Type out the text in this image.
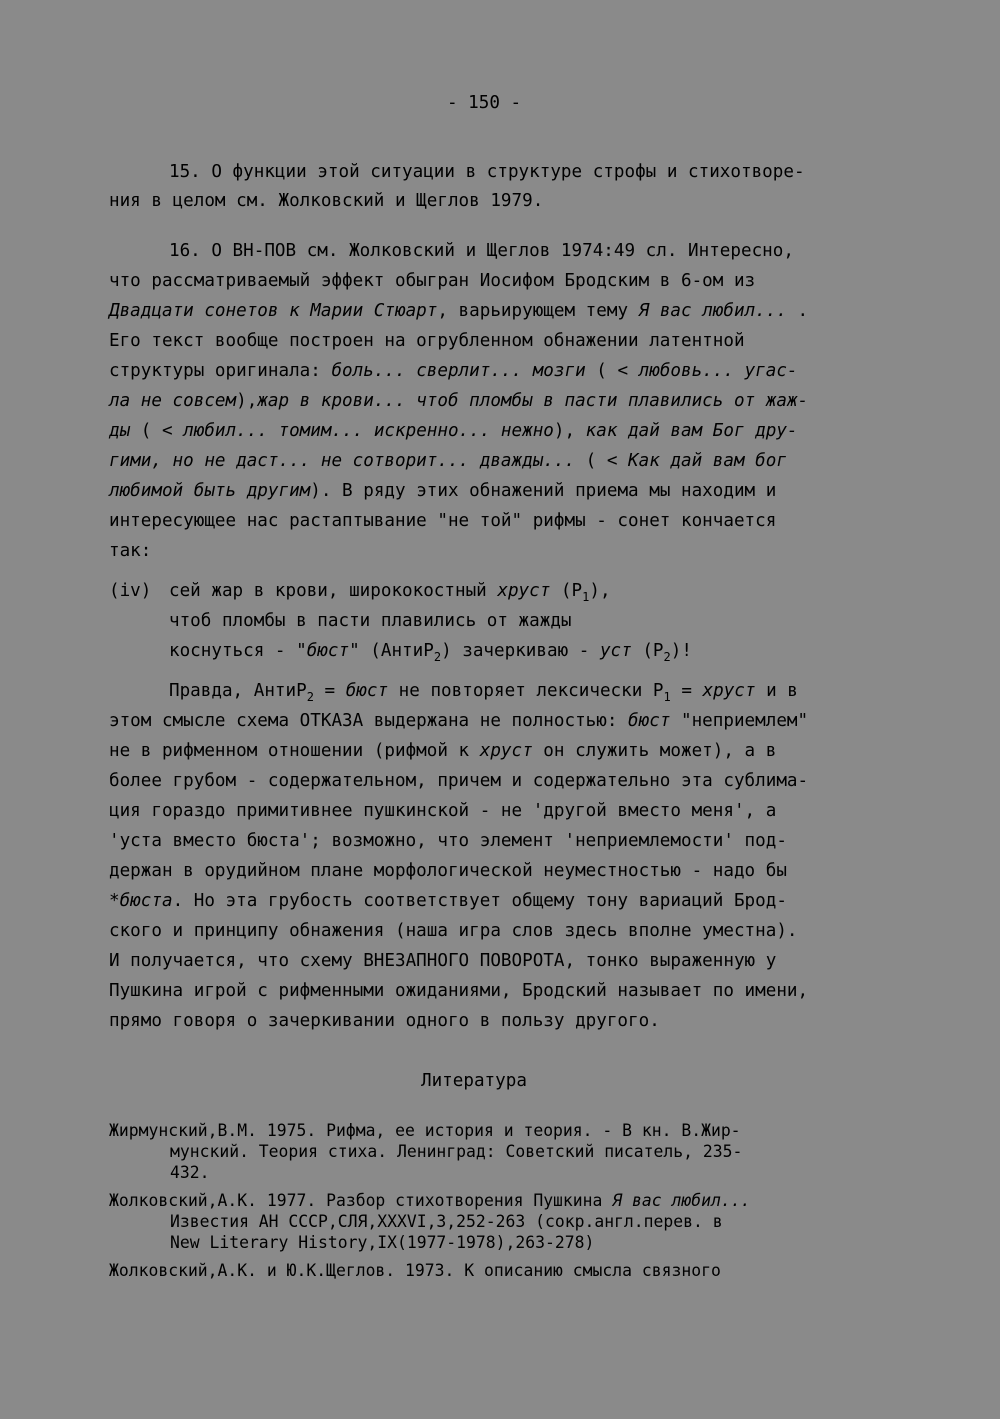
- 150 -
15. О функции этой ситуации в структуре строфы и стихотворе-
ния в целом см. Жолковский и Щеглов 1979.
16. О ВН-ПОВ см. Жолковский и Щеглов 1974:49 сл. Интересно,
что рассматриваемый эффект обыгран Иосифом Бродским в 6-ом из
Двадцати сонетов к Марии Стюарт, варьирующем тему Я вас любил... .
Его текст вообще построен на огрубленном обнажении латентной
структуры оригинала: боль... сверлит... мозги ( < любовь... угас-
ла не совсем),жар в крови... чтоб пломбы в пасти плавились от жаж-
ды ( < любил... томим... искренно... нежно), как дай вам Бог дру-
гими, но не даст... не сотворит... дважды... ( < Как дай вам бог
любимой быть другим). В ряду этих обнажений приема мы находим и
интересующее нас растаптывание "не той" рифмы - сонет кончается
так:
(iv) сей жар в крови, ширококостный хруст $(Р_1)$,
чтоб пломбы в пасти плавились от жажды
коснуться - "бюст" (АнтиР$_2$) зачеркиваю - уст $(Р_2)$!
Правда, АнтиР$_2$ = бюст не повторяет лексически $Р_1$ = хруст и в
этом смысле схема ОТКАЗА выдержана не полностью: бюст "неприемлем"
не в рифменном отношении (рифмой к хруст он служить может), а в
более грубом - содержательном, причем и содержательно эта сублима-
ция гораздо примитивнее пушкинской - не 'другой вместо меня', а
'уста вместо бюста'; возможно, что элемент 'неприемлемости' под-
держан в орудийном плане морфологической неуместностью - надо бы
*бюста. Но эта грубость соответствует общему тону вариаций Брод-
ского и принципу обнажения (наша игра слов здесь вполне уместна).
И получается, что схему ВНЕЗАПНОГО ПОВОРОТА, тонко выраженную у
Пушкина игрой с рифменными ожиданиями, Бродский называет по имени,
прямо говоря о зачеркивании одного в пользу другого.
Литература
Жирмунский,В.М. 1975. Рифма, ее история и теория. - В кн. В.Жир-
мунский. Теория стиха. Ленинград: Советский писатель, 235-
432.
Жолковский,А.К. 1977. Разбор стихотворения Пушкина Я вас любил...
Известия АН СССР,СЛЯ,XXXVI,3,252-263 (сокр.англ.перев. в
New Literary History,IX(1977-1978),263-278)
Жолковский,А.К. и Ю.К.Щеглов. 1973. К описанию смысла связного
